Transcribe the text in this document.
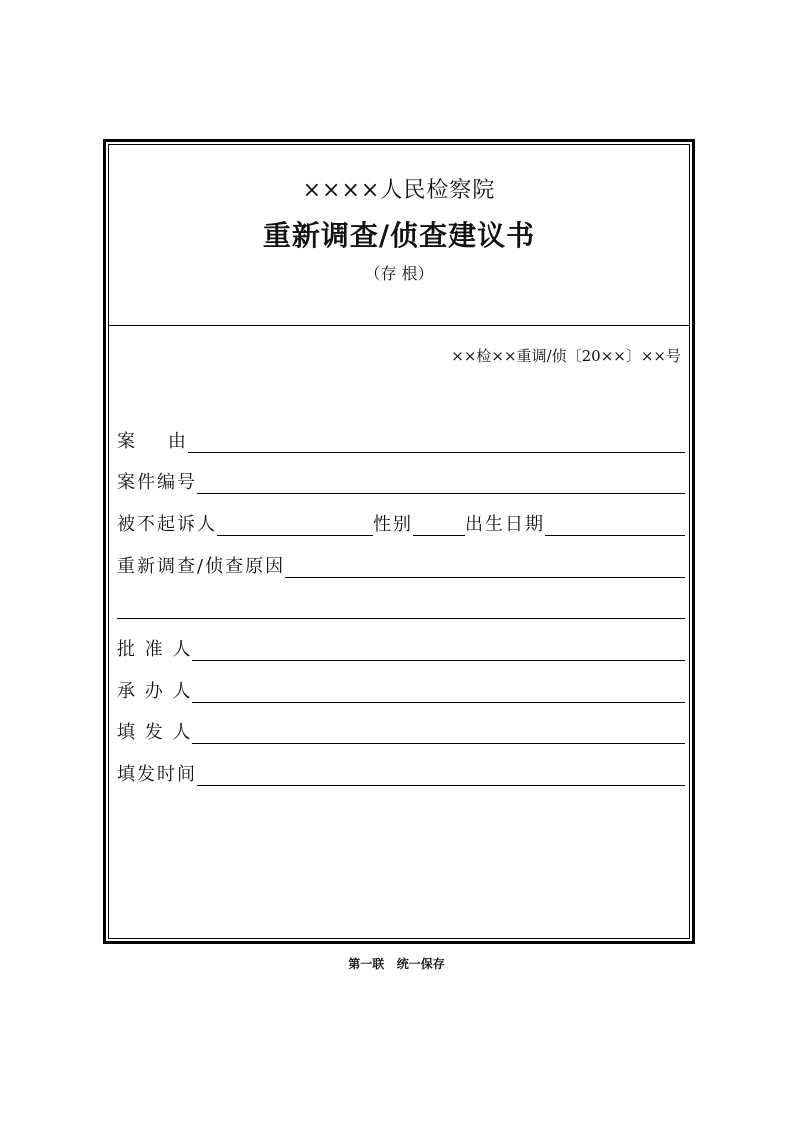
××××人民检察院
重新调查/侦查建议书
（存 根）
××检××重调/侦〔20××〕××号
案    由
案件编号
被不起诉人	性别	出生日期
重新调查/侦查原因
批 准 人
承 办 人
填 发 人
填发时间
第一联   统一保存
